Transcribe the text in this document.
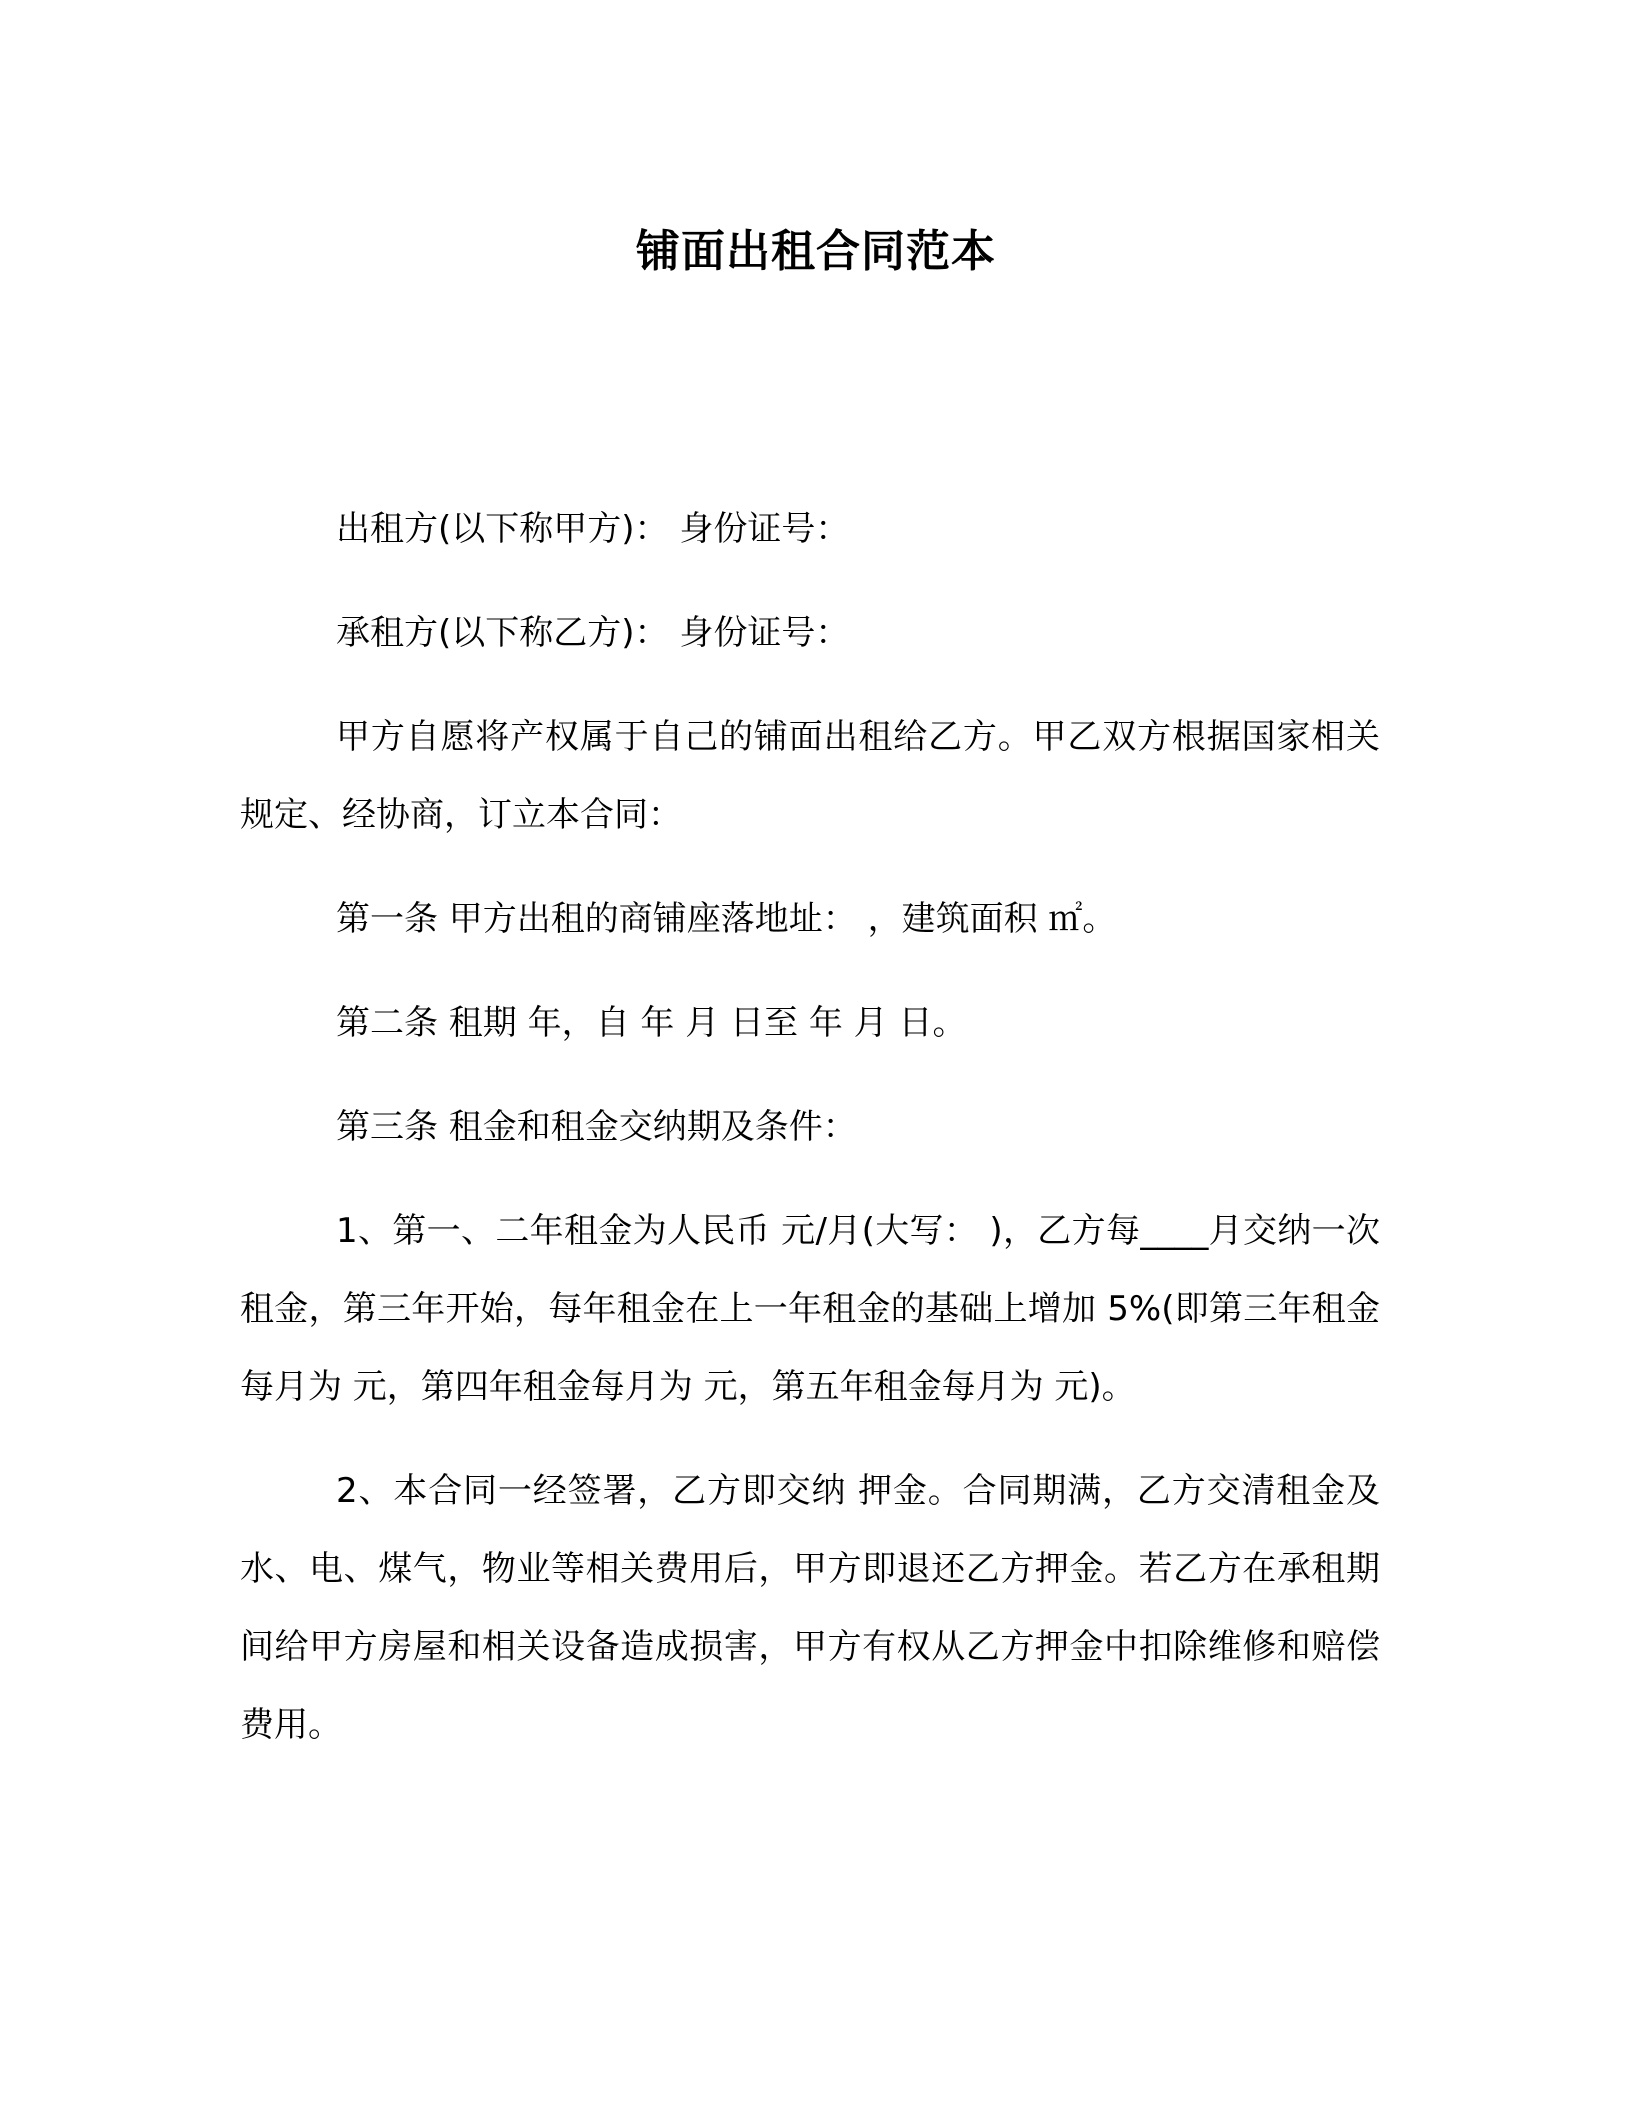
铺面出租合同范本

出租方(以下称甲方)： 身份证号：

承租方(以下称乙方)： 身份证号：

甲方自愿将产权属于自己的铺面出租给乙方。甲乙双方根据国家相关规定、经协商，订立本合同：

第一条 甲方出租的商铺座落地址： ，建筑面积 ㎡。

第二条 租期 年，自 年 月 日至 年 月 日。

第三条 租金和租金交纳期及条件：

1、第一、二年租金为人民币 元/月(大写： )，乙方每____月交纳一次租金，第三年开始，每年租金在上一年租金的基础上增加 5%(即第三年租金每月为 元，第四年租金每月为 元，第五年租金每月为 元)。

2、本合同一经签署，乙方即交纳 押金。合同期满，乙方交清租金及水、电、煤气，物业等相关费用后，甲方即退还乙方押金。若乙方在承租期间给甲方房屋和相关设备造成损害，甲方有权从乙方押金中扣除维修和赔偿费用。
